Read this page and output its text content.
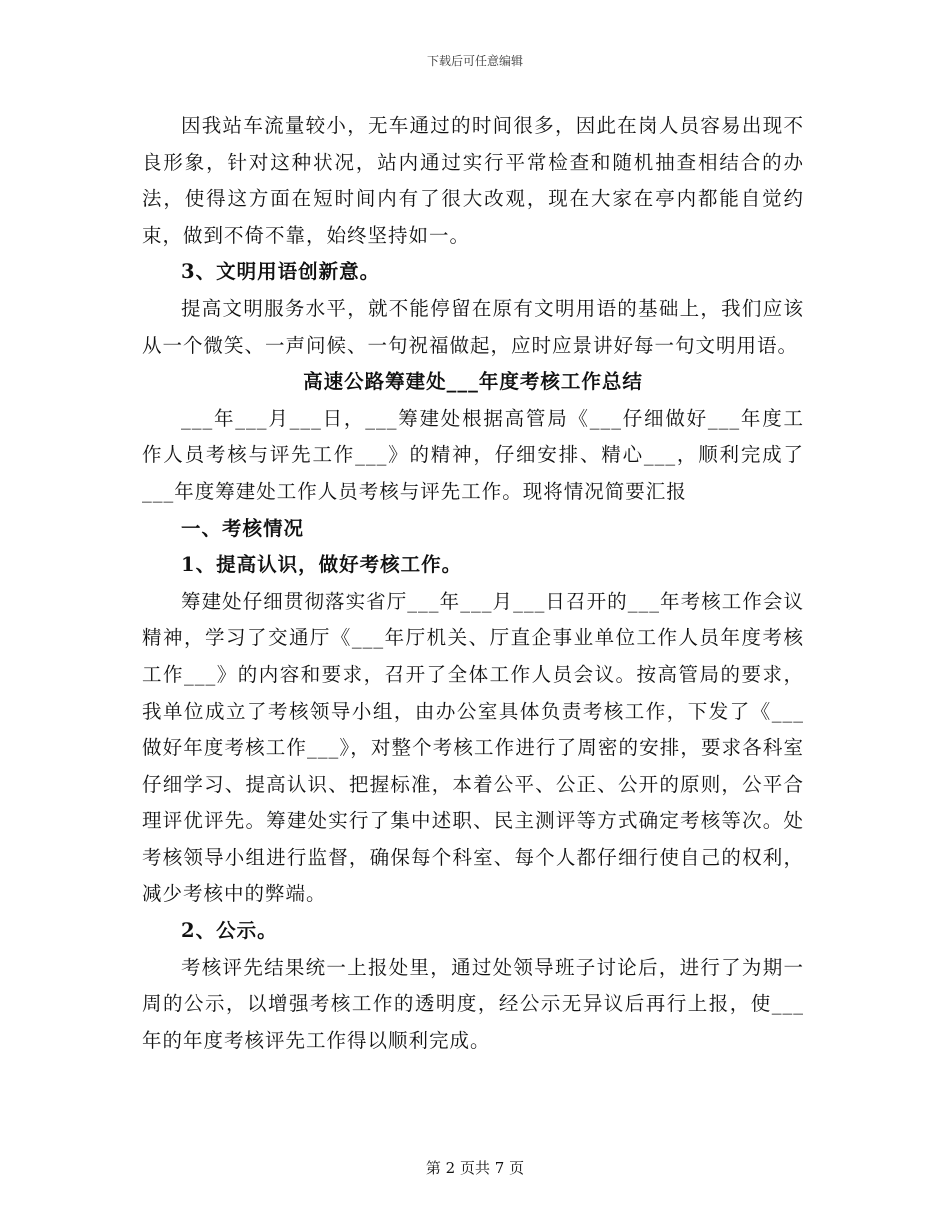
下载后可任意编辑

因我站车流量较小，无车通过的时间很多，因此在岗人员容易出现不良形象，针对这种状况，站内通过实行平常检查和随机抽查相结合的办法，使得这方面在短时间内有了很大改观，现在大家在亭内都能自觉约束，做到不倚不靠，始终坚持如一。

3、文明用语创新意。

提高文明服务水平，就不能停留在原有文明用语的基础上，我们应该从一个微笑、一声问候、一句祝福做起，应时应景讲好每一句文明用语。

高速公路筹建处___年度考核工作总结

___年___月___日，___筹建处根据高管局《___仔细做好___年度工作人员考核与评先工作___》的精神，仔细安排、精心___，顺利完成了___年度筹建处工作人员考核与评先工作。现将情况简要汇报

一、考核情况

1、提高认识，做好考核工作。

筹建处仔细贯彻落实省厅___年___月___日召开的___年考核工作会议精神，学习了交通厅《___年厅机关、厅直企事业单位工作人员年度考核工作___》的内容和要求，召开了全体工作人员会议。按高管局的要求，我单位成立了考核领导小组，由办公室具体负责考核工作，下发了《___做好年度考核工作___》，对整个考核工作进行了周密的安排，要求各科室仔细学习、提高认识、把握标准，本着公平、公正、公开的原则，公平合理评优评先。筹建处实行了集中述职、民主测评等方式确定考核等次。处考核领导小组进行监督，确保每个科室、每个人都仔细行使自己的权利，减少考核中的弊端。

2、公示。

考核评先结果统一上报处里，通过处领导班子讨论后，进行了为期一周的公示，以增强考核工作的透明度，经公示无异议后再行上报，使___年的年度考核评先工作得以顺利完成。

第 2 页共 7 页
